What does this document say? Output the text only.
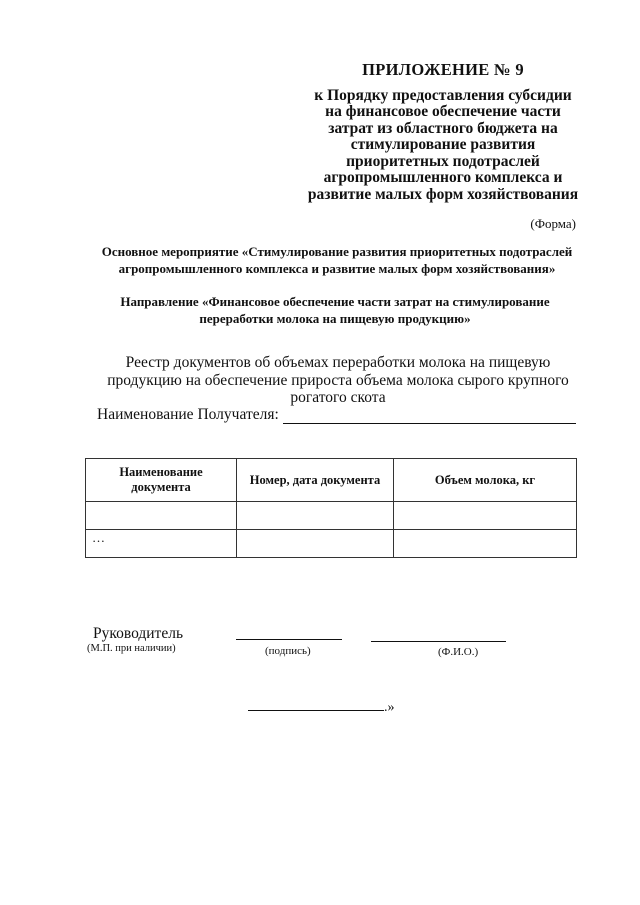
ПРИЛОЖЕНИЕ № 9
к Порядку предоставления субсидии
на финансовое обеспечение части
затрат из областного бюджета на
стимулирование развития
приоритетных подотраслей
агропромышленного комплекса и
развитие малых форм хозяйствования
(Форма)
Основное мероприятие «Стимулирование развития приоритетных подотраслей
агропромышленного комплекса и развитие малых форм хозяйствования»
Направление «Финансовое обеспечение части затрат на стимулирование
переработки молока на пищевую продукцию»
Реестр документов об объемах переработки молока на пищевую
продукцию на обеспечение прироста объема молока сырого крупного
рогатого скота
Наименование Получателя:
Наименование документа	Номер, дата документа	Объем молока, кг

…		
Руководитель
(М.П. при наличии)	(подпись)	(Ф.И.О.)
.»
